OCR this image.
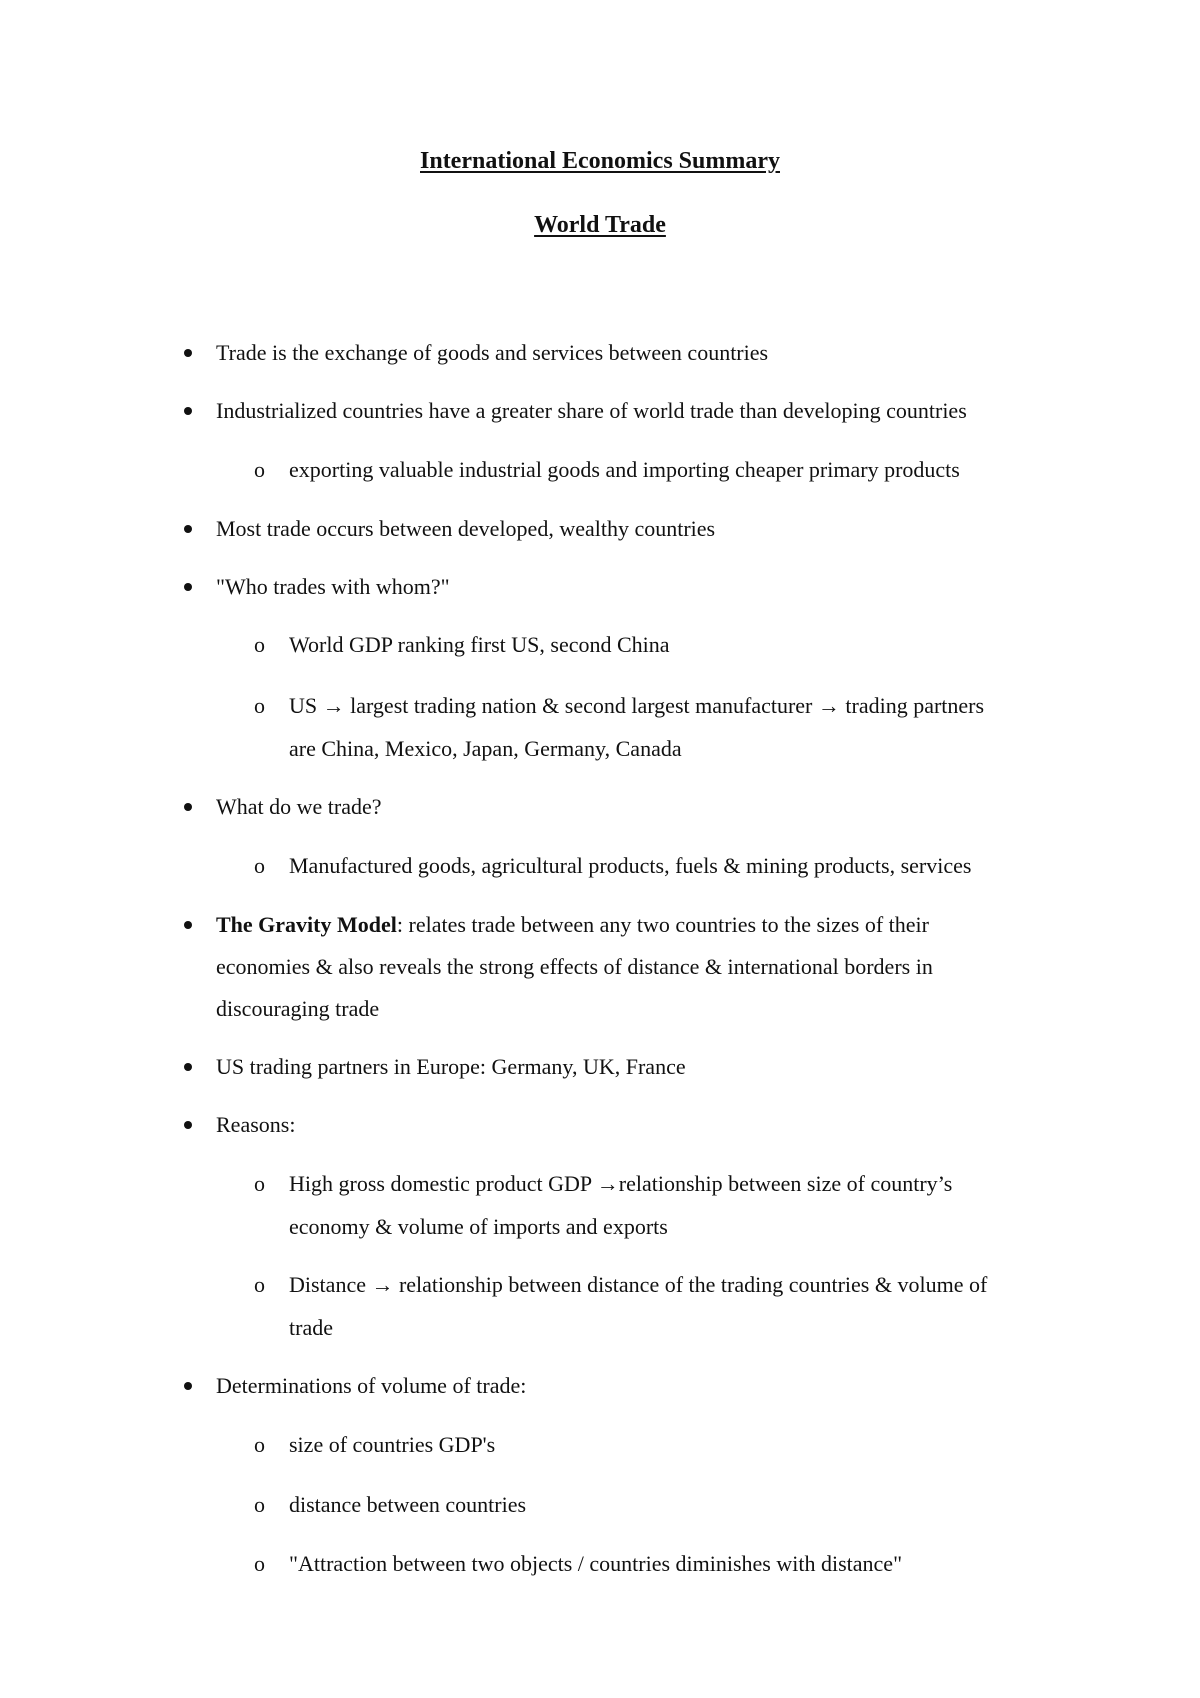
International Economics Summary
World Trade
Trade is the exchange of goods and services between countries
Industrialized countries have a greater share of world trade than developing countries
o exporting valuable industrial goods and importing cheaper primary products
Most trade occurs between developed, wealthy countries
"Who trades with whom?"
o World GDP ranking first US, second China
o US → largest trading nation & second largest manufacturer → trading partners
are China, Mexico, Japan, Germany, Canada
What do we trade?
o Manufactured goods, agricultural products, fuels & mining products, services
The Gravity Model: relates trade between any two countries to the sizes of their
economies & also reveals the strong effects of distance & international borders in
discouraging trade
US trading partners in Europe: Germany, UK, France
Reasons:
o High gross domestic product GDP →relationship between size of country’s
economy & volume of imports and exports
o Distance → relationship between distance of the trading countries & volume of
trade
Determinations of volume of trade:
o size of countries GDP's
o distance between countries
o "Attraction between two objects / countries diminishes with distance"
